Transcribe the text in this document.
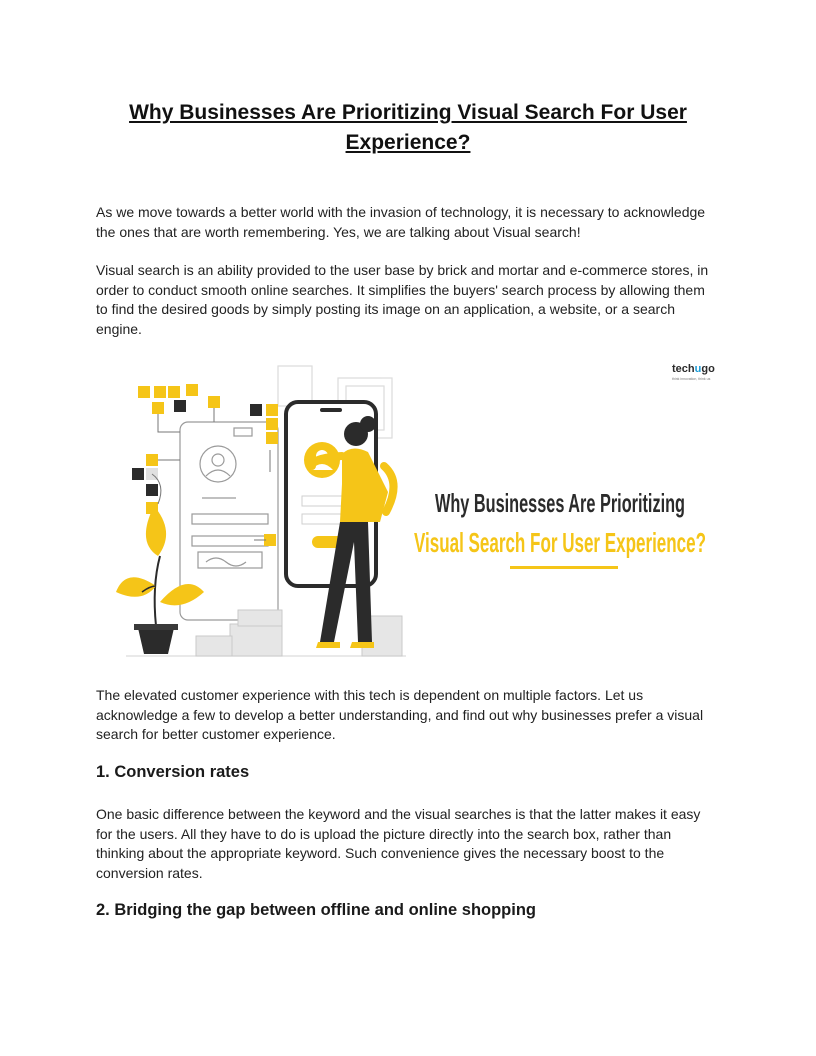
Why Businesses Are Prioritizing Visual Search For User Experience?

As we move towards a better world with the invasion of technology, it is necessary to acknowledge the ones that are worth remembering. Yes, we are talking about Visual search!

Visual search is an ability provided to the user base by brick and mortar and e-commerce stores, in order to conduct smooth online searches. It simplifies the buyers' search process by allowing them to find the desired goods by simply posting its image on an application, a website, or a search engine.

techugo
think innovation, think us
Why Businesses Are Prioritizing
Visual Search For User Experience?

The elevated customer experience with this tech is dependent on multiple factors. Let us acknowledge a few to develop a better understanding, and find out why businesses prefer a visual search for better customer experience.

1. Conversion rates

One basic difference between the keyword and the visual searches is that the latter makes it easy for the users. All they have to do is upload the picture directly into the search box, rather than thinking about the appropriate keyword. Such convenience gives the necessary boost to the conversion rates.

2. Bridging the gap between offline and online shopping
